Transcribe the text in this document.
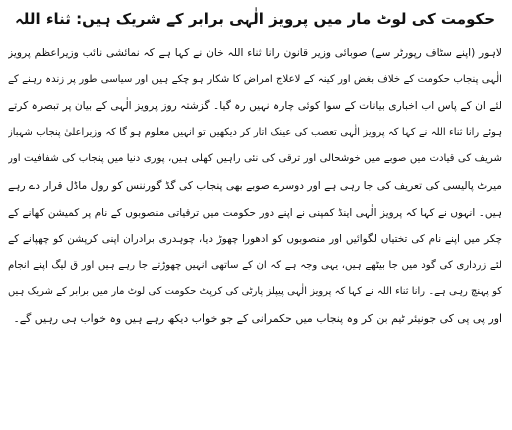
حکومت کی لوٹ مار میں پرویز الٰہی برابر کے شریک ہیں: ثناء اللہ
لاہور (اپنے سٹاف رپورٹر سے) صوبائی وزیر قانون رانا ثناء اللہ خان نے کہا ہے کہ نمائشی نائب وزیراعظم پرویز
الٰہی پنجاب حکومت کے خلاف بغض اور کینہ کے لاعلاج امراض کا شکار ہو چکے ہیں اور سیاسی طور پر زندہ رہنے کے
لئے ان کے پاس اب اخباری بیانات کے سوا کوئی چارہ نہیں رہ گیا۔ گزشتہ روز پرویز الٰہی کے بیان پر تبصرہ کرتے
ہوئے رانا ثناء اللہ نے کہا کہ پرویز الٰہی تعصب کی عینک اتار کر دیکھیں تو انہیں معلوم ہو گا کہ وزیراعلیٰ پنجاب شہباز
شریف کی قیادت میں صوبے میں خوشحالی اور ترقی کی نئی راہیں کھلی ہیں، پوری دنیا میں پنجاب کی شفافیت اور
میرٹ پالیسی کی تعریف کی جا رہی ہے اور دوسرے صوبے بھی پنجاب کی گڈ گورننس کو رول ماڈل قرار دے رہے
ہیں۔ انہوں نے کہا کہ پرویز الٰہی اینڈ کمپنی نے اپنے دور حکومت میں ترقیاتی منصوبوں کے نام پر کمیشن کھانے کے
چکر میں اپنے نام کی تختیاں لگوائیں اور منصوبوں کو ادھورا چھوڑ دیا، چوہدری برادران اپنی کرپشن کو چھپانے کے
لئے زرداری کی گود میں جا بیٹھے ہیں، یہی وجہ ہے کہ ان کے ساتھی انہیں چھوڑتے جا رہے ہیں اور ق لیگ اپنے انجام
کو پہنچ رہی ہے۔ رانا ثناء اللہ نے کہا کہ پرویز الٰہی پیپلز پارٹی کی کرپٹ حکومت کی لوٹ مار میں برابر کے شریک ہیں
اور پی پی کی جونیئر ٹیم بن کر وہ پنجاب میں حکمرانی کے جو خواب دیکھ رہے ہیں وہ خواب ہی رہیں گے۔
